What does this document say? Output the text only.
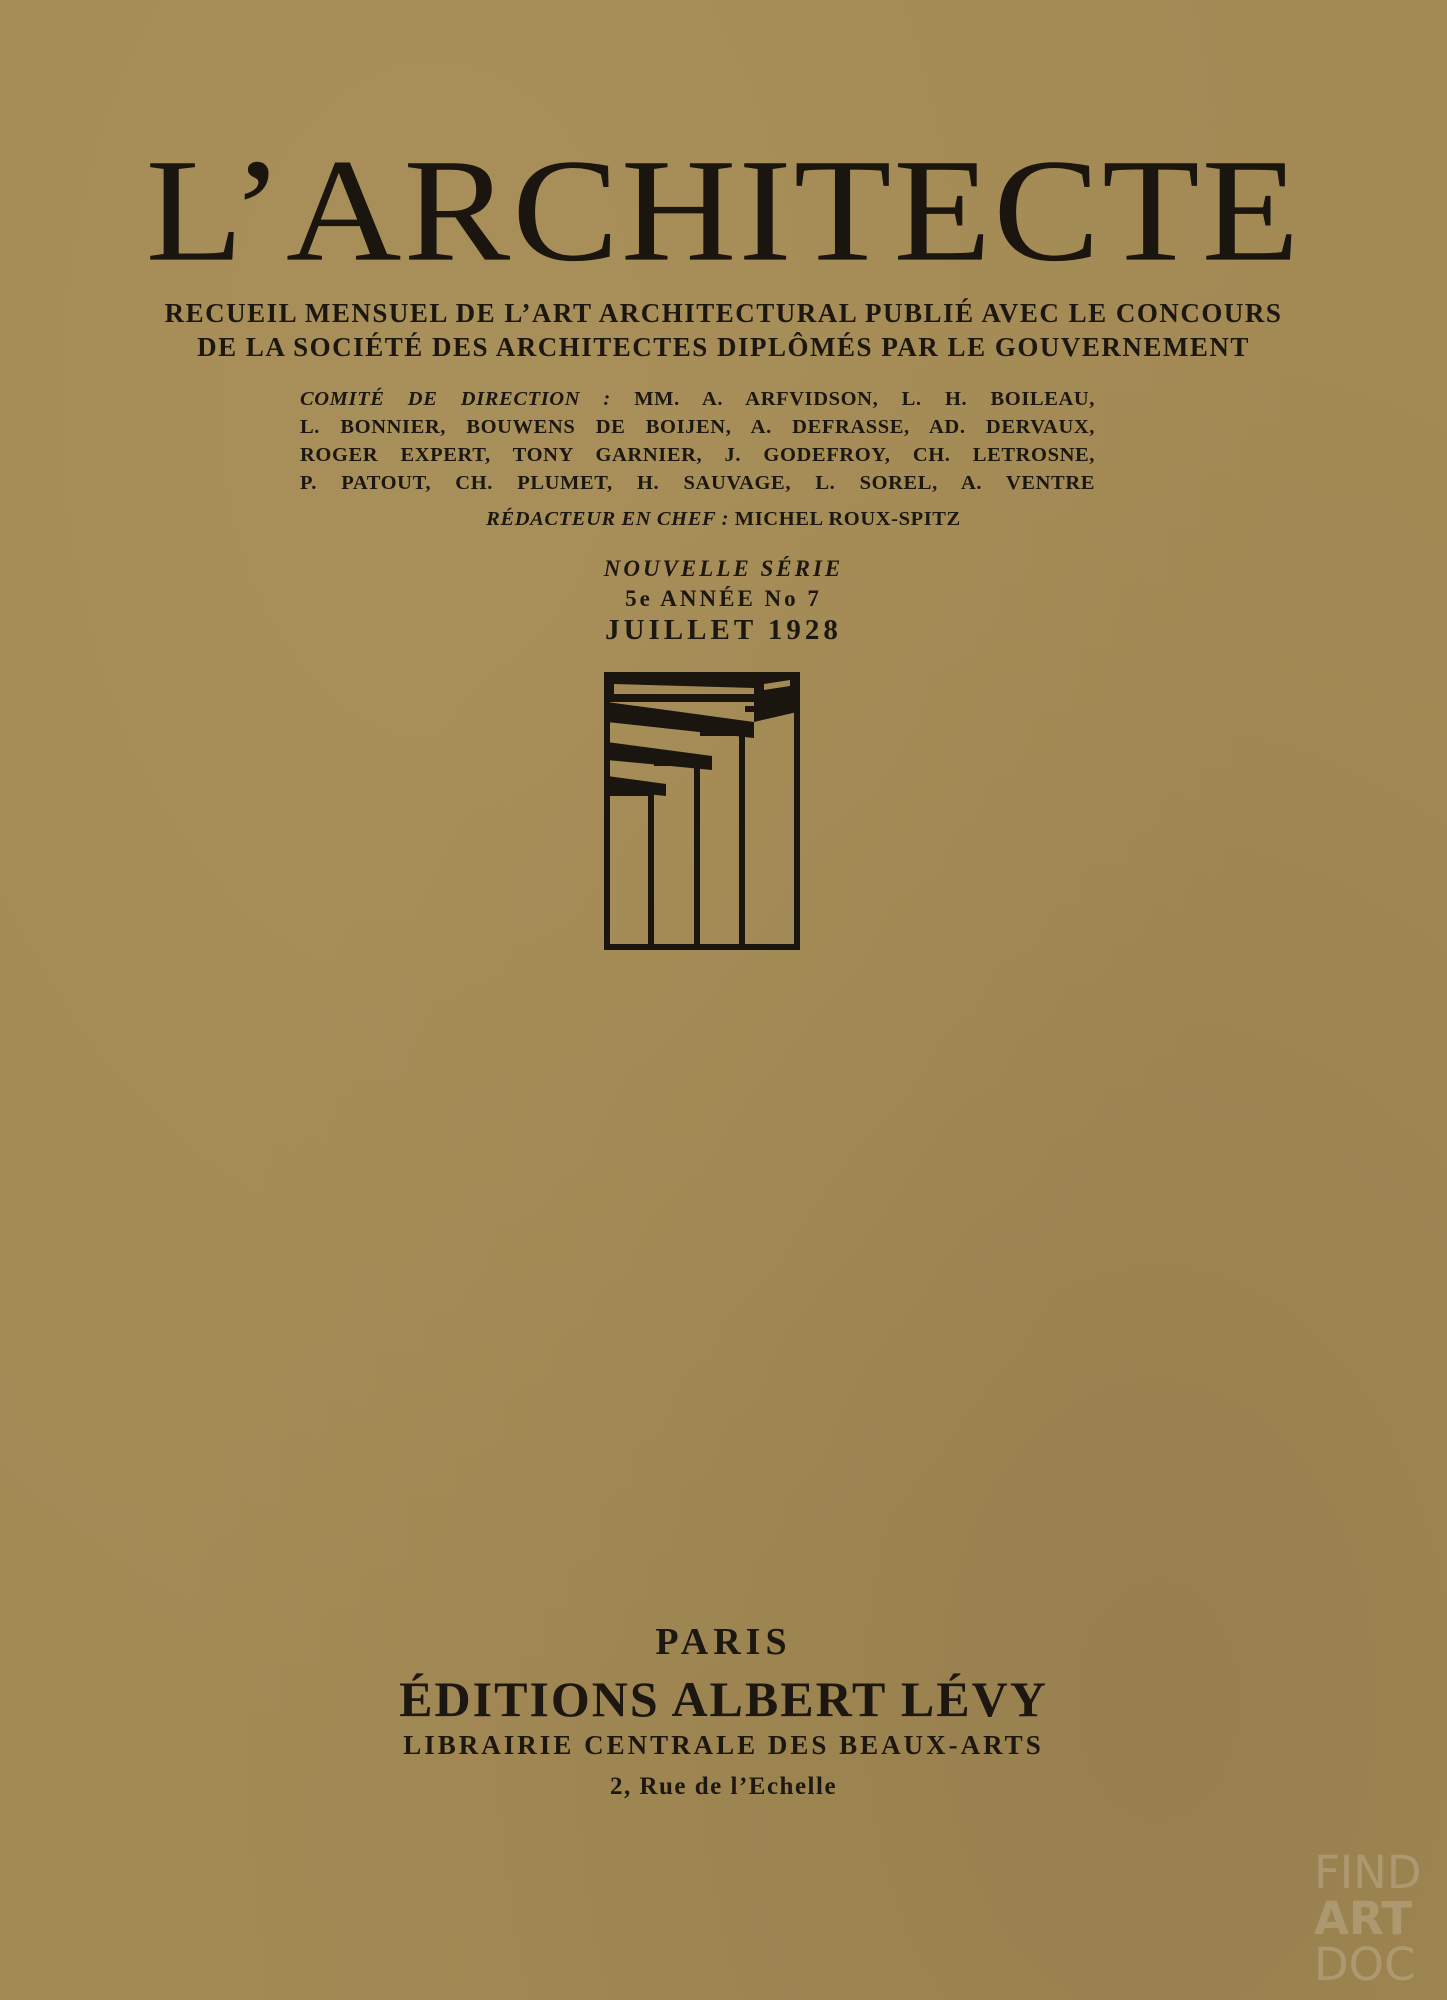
L’ARCHITECTE
RECUEIL MENSUEL DE L’ART ARCHITECTURAL PUBLIÉ AVEC LE CONCOURS
DE LA SOCIÉTÉ DES ARCHITECTES DIPLÔMÉS PAR LE GOUVERNEMENT
COMITÉ DE DIRECTION : MM. A. ARFVIDSON, L. H. BOILEAU,
L. BONNIER, BOUWENS DE BOIJEN, A. DEFRASSE, AD. DERVAUX,
ROGER EXPERT, TONY GARNIER, J. GODEFROY, CH. LETROSNE,
P. PATOUT, CH. PLUMET, H. SAUVAGE, L. SOREL, A. VENTRE
RÉDACTEUR EN CHEF : MICHEL ROUX-SPITZ
NOUVELLE SÉRIE
5e ANNÉE No 7
JUILLET 1928
PARIS
ÉDITIONS ALBERT LÉVY
LIBRAIRIE CENTRALE DES BEAUX-ARTS
2, Rue de l’Echelle
FIND
ART
DOC
